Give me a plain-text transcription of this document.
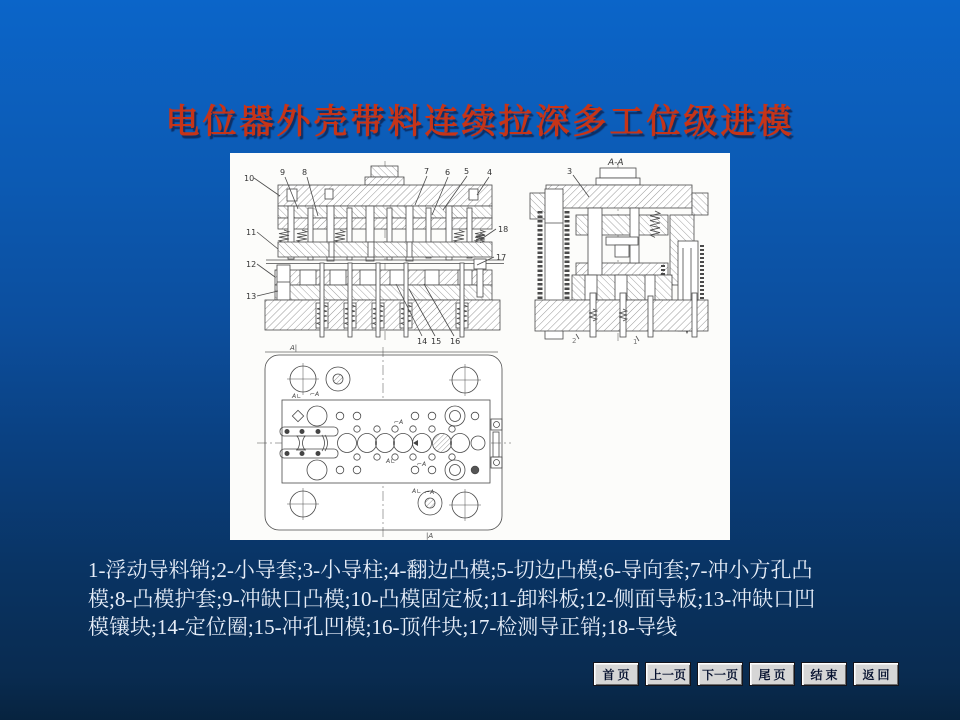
电位器外壳带料连续拉深多工位级进模
10
9 8	7 6 5 4
11	18
17
12
13
14 15 16
A-A
3
2	1
A|
|A
A∟ ⌐A
⌐A
A∟	⌐A
A∟ ⌐A
1-浮动导料销;2-小导套;3-小导柱;4-翻边凸模;5-切边凸模;6-导向套;7-冲小方孔凸
模;8-凸模护套;9-冲缺口凸模;10-凸模固定板;11-卸料板;12-侧面导板;13-冲缺口凹
模镶块;14-定位圈;15-冲孔凹模;16-顶件块;17-检测导正销;18-导线
首 页	上一页	下一页	尾 页	结 束	返 回
